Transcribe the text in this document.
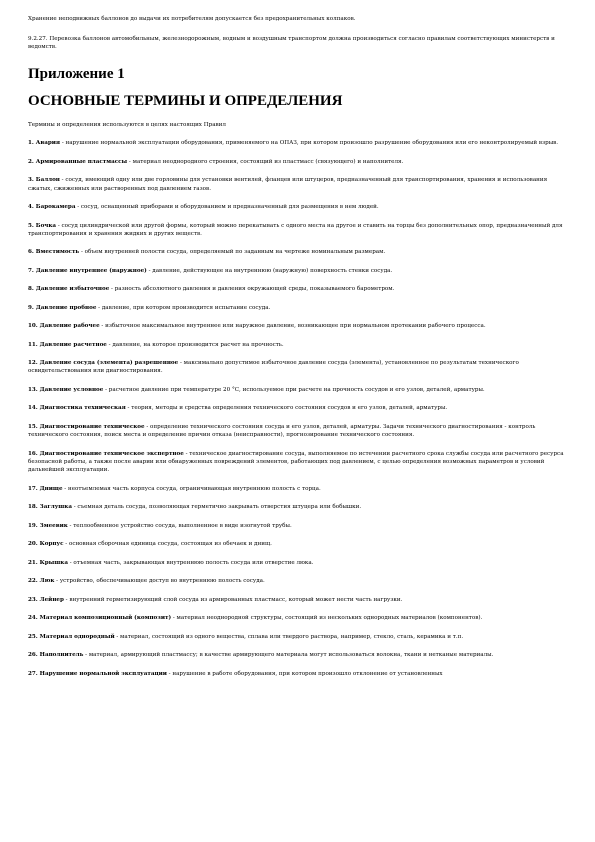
Хранение неподвижных баллонов до выдачи их потребителям допускается без предохранительных колпаков.

9.2.27. Перевозка баллонов автомобильным, железнодорожным, водным и воздушным транспортом должна производиться согласно правилам соответствующих министерств и ведомств.

Приложение 1
ОСНОВНЫЕ ТЕРМИНЫ И ОПРЕДЕЛЕНИЯ

Термины и определения используются в целях настоящих Правил

1. Авария - нарушение нормальной эксплуатации оборудования, применяемого на ОПАЗ, при котором произошло разрушение оборудования или его неконтролируемый взрыв.

2. Армированные пластмассы - материал неоднородного строения, состоящий из пластмасс (связующего) и наполнителя.

3. Баллон - сосуд, имеющий одну или две горловины для установки вентилей, фланцев или штуцеров, предназначенный для транспортирования, хранения и использования сжатых, сжиженных или растворенных под давлением газов.

4. Барокамера - сосуд, оснащенный приборами и оборудованием и предназначенный для размещения в нем людей.

5. Бочка - сосуд цилиндрической или другой формы, который можно перекатывать с одного места на другое и ставить на торцы без дополнительных опор, предназначенный для транспортирования и хранения жидких и других веществ.

6. Вместимость - объем внутренней полости сосуда, определяемый по заданным на чертеже номинальным размерам.

7. Давление внутреннее (наружное) - давление, действующее на внутреннюю (наружную) поверхность стенки сосуда.

8. Давление избыточное - разность абсолютного давления и давления окружающей среды, показываемого барометром.

9. Давление пробное - давление, при котором производится испытание сосуда.

10. Давление рабочее - избыточное максимальное внутреннее или наружное давление, возникающее при нормальном протекании рабочего процесса.

11. Давление расчетное - давление, на которое производится расчет на прочность.

12. Давление сосуда (элемента) разрешенное - максимально допустимое избыточное давление сосуда (элемента), установленное по результатам технического освидетельствования или диагностирования.

13. Давление условное - расчетное давление при температуре 20 °С, используемое при расчете на прочность сосудов и его узлов, деталей, арматуры.

14. Диагностика техническая - теория, методы и средства определения технического состояния сосудов и его узлов, деталей, арматуры.

15. Диагностирование техническое - определение технического состояния сосуда и его узлов, деталей, арматуры. Задачи технического диагностирования - контроль технического состояния, поиск места и определение причин отказа (неисправности), прогнозирование технического состояния.

16. Диагностирование техническое экспертное - техническое диагностирование сосуда, выполняемое по истечении расчетного срока службы сосуда или расчетного ресурса безопасной работы, а также после аварии или обнаруженных повреждений элементов, работающих под давлением, с целью определения возможных параметров и условий дальнейшей эксплуатации.

17. Днище - неотъемлемая часть корпуса сосуда, ограничивающая внутреннюю полость с торца.

18. Заглушка - съемная деталь сосуда, позволяющая герметично закрывать отверстия штуцера или бобышки.

19. Змеевик - теплообменное устройство сосуда, выполненное в виде изогнутой трубы.

20. Корпус - основная сборочная единица сосуда, состоящая из обечаек и днищ.

21. Крышка - отъемная часть, закрывающая внутреннюю полость сосуда или отверстие люка.

22. Люк - устройство, обеспечивающее доступ во внутреннюю полость сосуда.

23. Лейнер - внутренний герметизирующий слой сосуда из армированных пластмасс, который может нести часть нагрузки.

24. Материал композиционный (композит) - материал неоднородной структуры, состоящий из нескольких однородных материалов (компонентов).

25. Материал однородный - материал, состоящий из одного вещества, сплава или твердого раствора, например, стекло, сталь, керамика и т.п.

26. Наполнитель - материал, армирующий пластмассу; в качестве армирующего материала могут использоваться волокна, ткани и нетканые материалы.

27. Нарушение нормальной эксплуатации - нарушение в работе оборудования, при котором произошло отклонение от установленных
